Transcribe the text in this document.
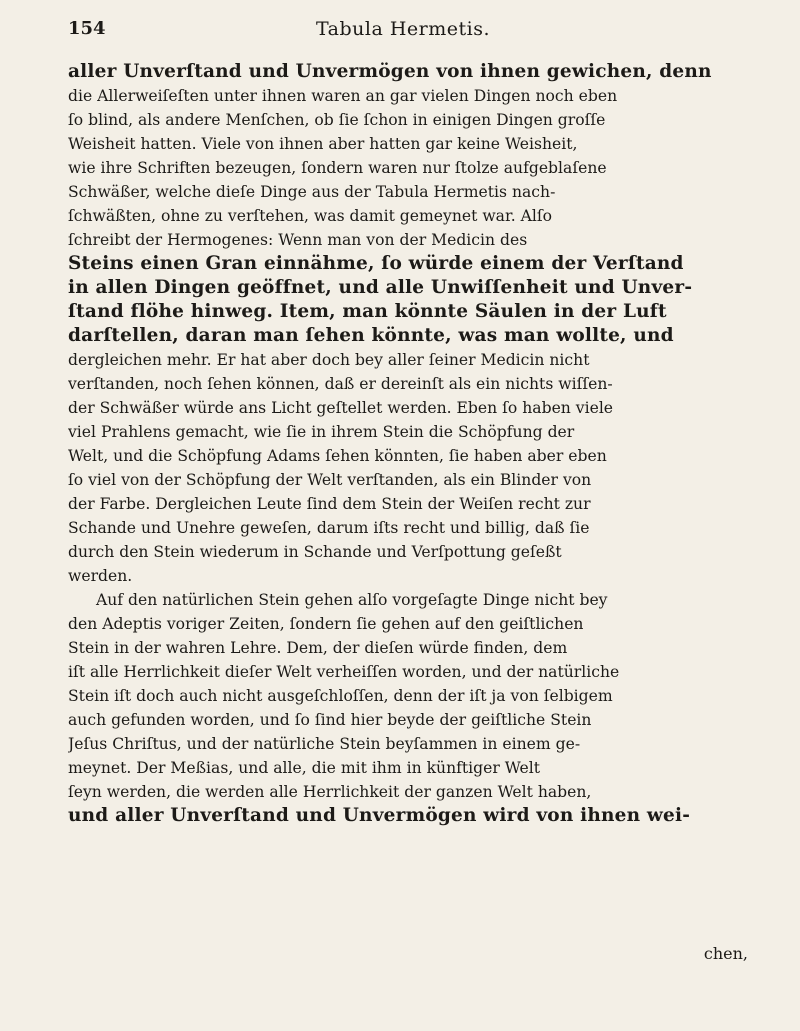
154	Tabula Hermetis.
aller Unverſtand und Unvermögen von ihnen gewichen, denn
die Allerweiſeſten unter ihnen waren an gar vielen Dingen noch eben
ſo blind, als andere Menſchen, ob ſie ſchon in einigen Dingen groſſe
Weisheit hatten. Viele von ihnen aber hatten gar keine Weisheit,
wie ihre Schriften bezeugen, ſondern waren nur ſtolze aufgeblaſene
Schwäßer, welche dieſe Dinge aus der Tabula Hermetis nach-
ſchwäßten, ohne zu verſtehen, was damit gemeynet war. Alſo
ſchreibt der Hermogenes: Wenn man von der Medicin des
Steins einen Gran einnähme, ſo würde einem der Verſtand
in allen Dingen geöffnet, und alle Unwiſſenheit und Unver-
ſtand flöhe hinweg. Item, man könnte Säulen in der Luft
darſtellen, daran man ſehen könnte, was man wollte, und
dergleichen mehr. Er hat aber doch bey aller ſeiner Medicin nicht
verſtanden, noch ſehen können, daß er dereinſt als ein nichts wiſſen-
der Schwäßer würde ans Licht geſtellet werden. Eben ſo haben viele
viel Prahlens gemacht, wie ſie in ihrem Stein die Schöpfung der
Welt, und die Schöpfung Adams ſehen könnten, ſie haben aber eben
ſo viel von der Schöpfung der Welt verſtanden, als ein Blinder von
der Farbe. Dergleichen Leute ſind dem Stein der Weiſen recht zur
Schande und Unehre geweſen, darum iſts recht und billig, daß ſie
durch den Stein wiederum in Schande und Verſpottung geſeßt
werden.
Auf den natürlichen Stein gehen alſo vorgeſagte Dinge nicht bey
den Adeptis voriger Zeiten, ſondern ſie gehen auf den geiſtlichen
Stein in der wahren Lehre. Dem, der dieſen würde finden, dem
iſt alle Herrlichkeit dieſer Welt verheiſſen worden, und der natürliche
Stein iſt doch auch nicht ausgeſchloſſen, denn der iſt ja von ſelbigem
auch gefunden worden, und ſo ſind hier beyde der geiſtliche Stein
Jeſus Chriſtus, und der natürliche Stein beyſammen in einem ge-
meynet. Der Meßias, und alle, die mit ihm in künftiger Welt
ſeyn werden, die werden alle Herrlichkeit der ganzen Welt haben,
und aller Unverſtand und Unvermögen wird von ihnen wei-
chen,
